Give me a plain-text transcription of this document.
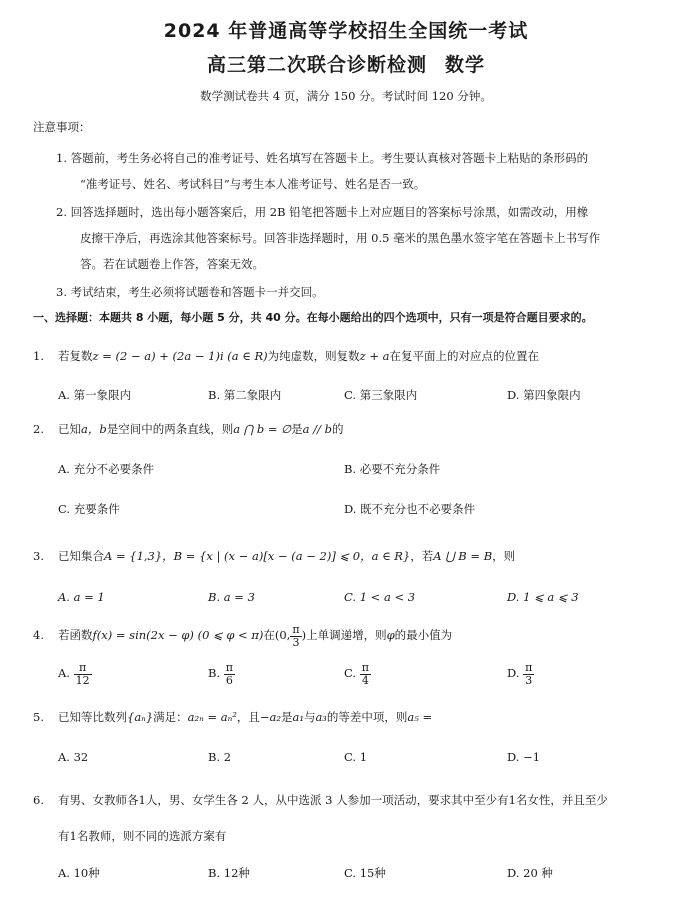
2024 年普通高等学校招生全国统一考试
高三第二次联合诊断检测 数学
数学测试卷共 4 页，满分 150 分。考试时间 120 分钟。
注意事项：
1. 答题前，考生务必将自己的准考证号、姓名填写在答题卡上。考生要认真核对答题卡上粘贴的条形码的
“准考证号、姓名、考试科目”与考生本人准考证号、姓名是否一致。
2. 回答选择题时，选出每小题答案后，用 2B 铅笔把答题卡上对应题目的答案标号涂黑，如需改动，用橡
皮擦干净后，再选涂其他答案标号。回答非选择题时，用 0.5 毫米的黑色墨水签字笔在答题卡上书写作
答。若在试题卷上作答，答案无效。
3. 考试结束，考生必须将试题卷和答题卡一并交回。
一、选择题：本题共 8 小题，每小题 5 分，共 40 分。在每小题给出的四个选项中，只有一项是符合题目要求的。
1. 若复数z = (2 − a) + (2a − 1)i (a ∈ R)为纯虚数，则复数z + a在复平面上的对应点的位置在
A. 第一象限内	B. 第二象限内	C. 第三象限内	D. 第四象限内
2. 已知a，b是空间中的两条直线，则a ⋂ b = ∅是a // b的
A. 充分不必要条件	B. 必要不充分条件
C. 充要条件	D. 既不充分也不必要条件
3. 已知集合A = {1,3}，B = {x | (x − a)[x − (a − 2)] ⩽ 0，a ∈ R}，若A ⋃ B = B，则
A. a = 1	B. a = 3	C. 1 < a < 3	D. 1 ⩽ a ⩽ 3
4. 若函数f(x) = sin(2x − φ) (0 ⩽ φ < π)在(0, $\frac{\pi}{3}$ )上单调递增，则φ的最小值为
A. $\frac{\pi}{12}$	B. $\frac{\pi}{6}$	C. $\frac{\pi}{4}$	D. $\frac{\pi}{3}$
5. 已知等比数列{aₙ}满足：a₂ₙ = aₙ²，且−a₂是a₁与a₃的等差中项，则a₅ =
A. 32	B. 2	C. 1	D. −1
6. 有男、女教师各1人，男、女学生各 2 人，从中选派 3 人参加一项活动，要求其中至少有1名女性，并且至少
有1名教师，则不同的选派方案有
A. 10种	B. 12种	C. 15种	D. 20 种
